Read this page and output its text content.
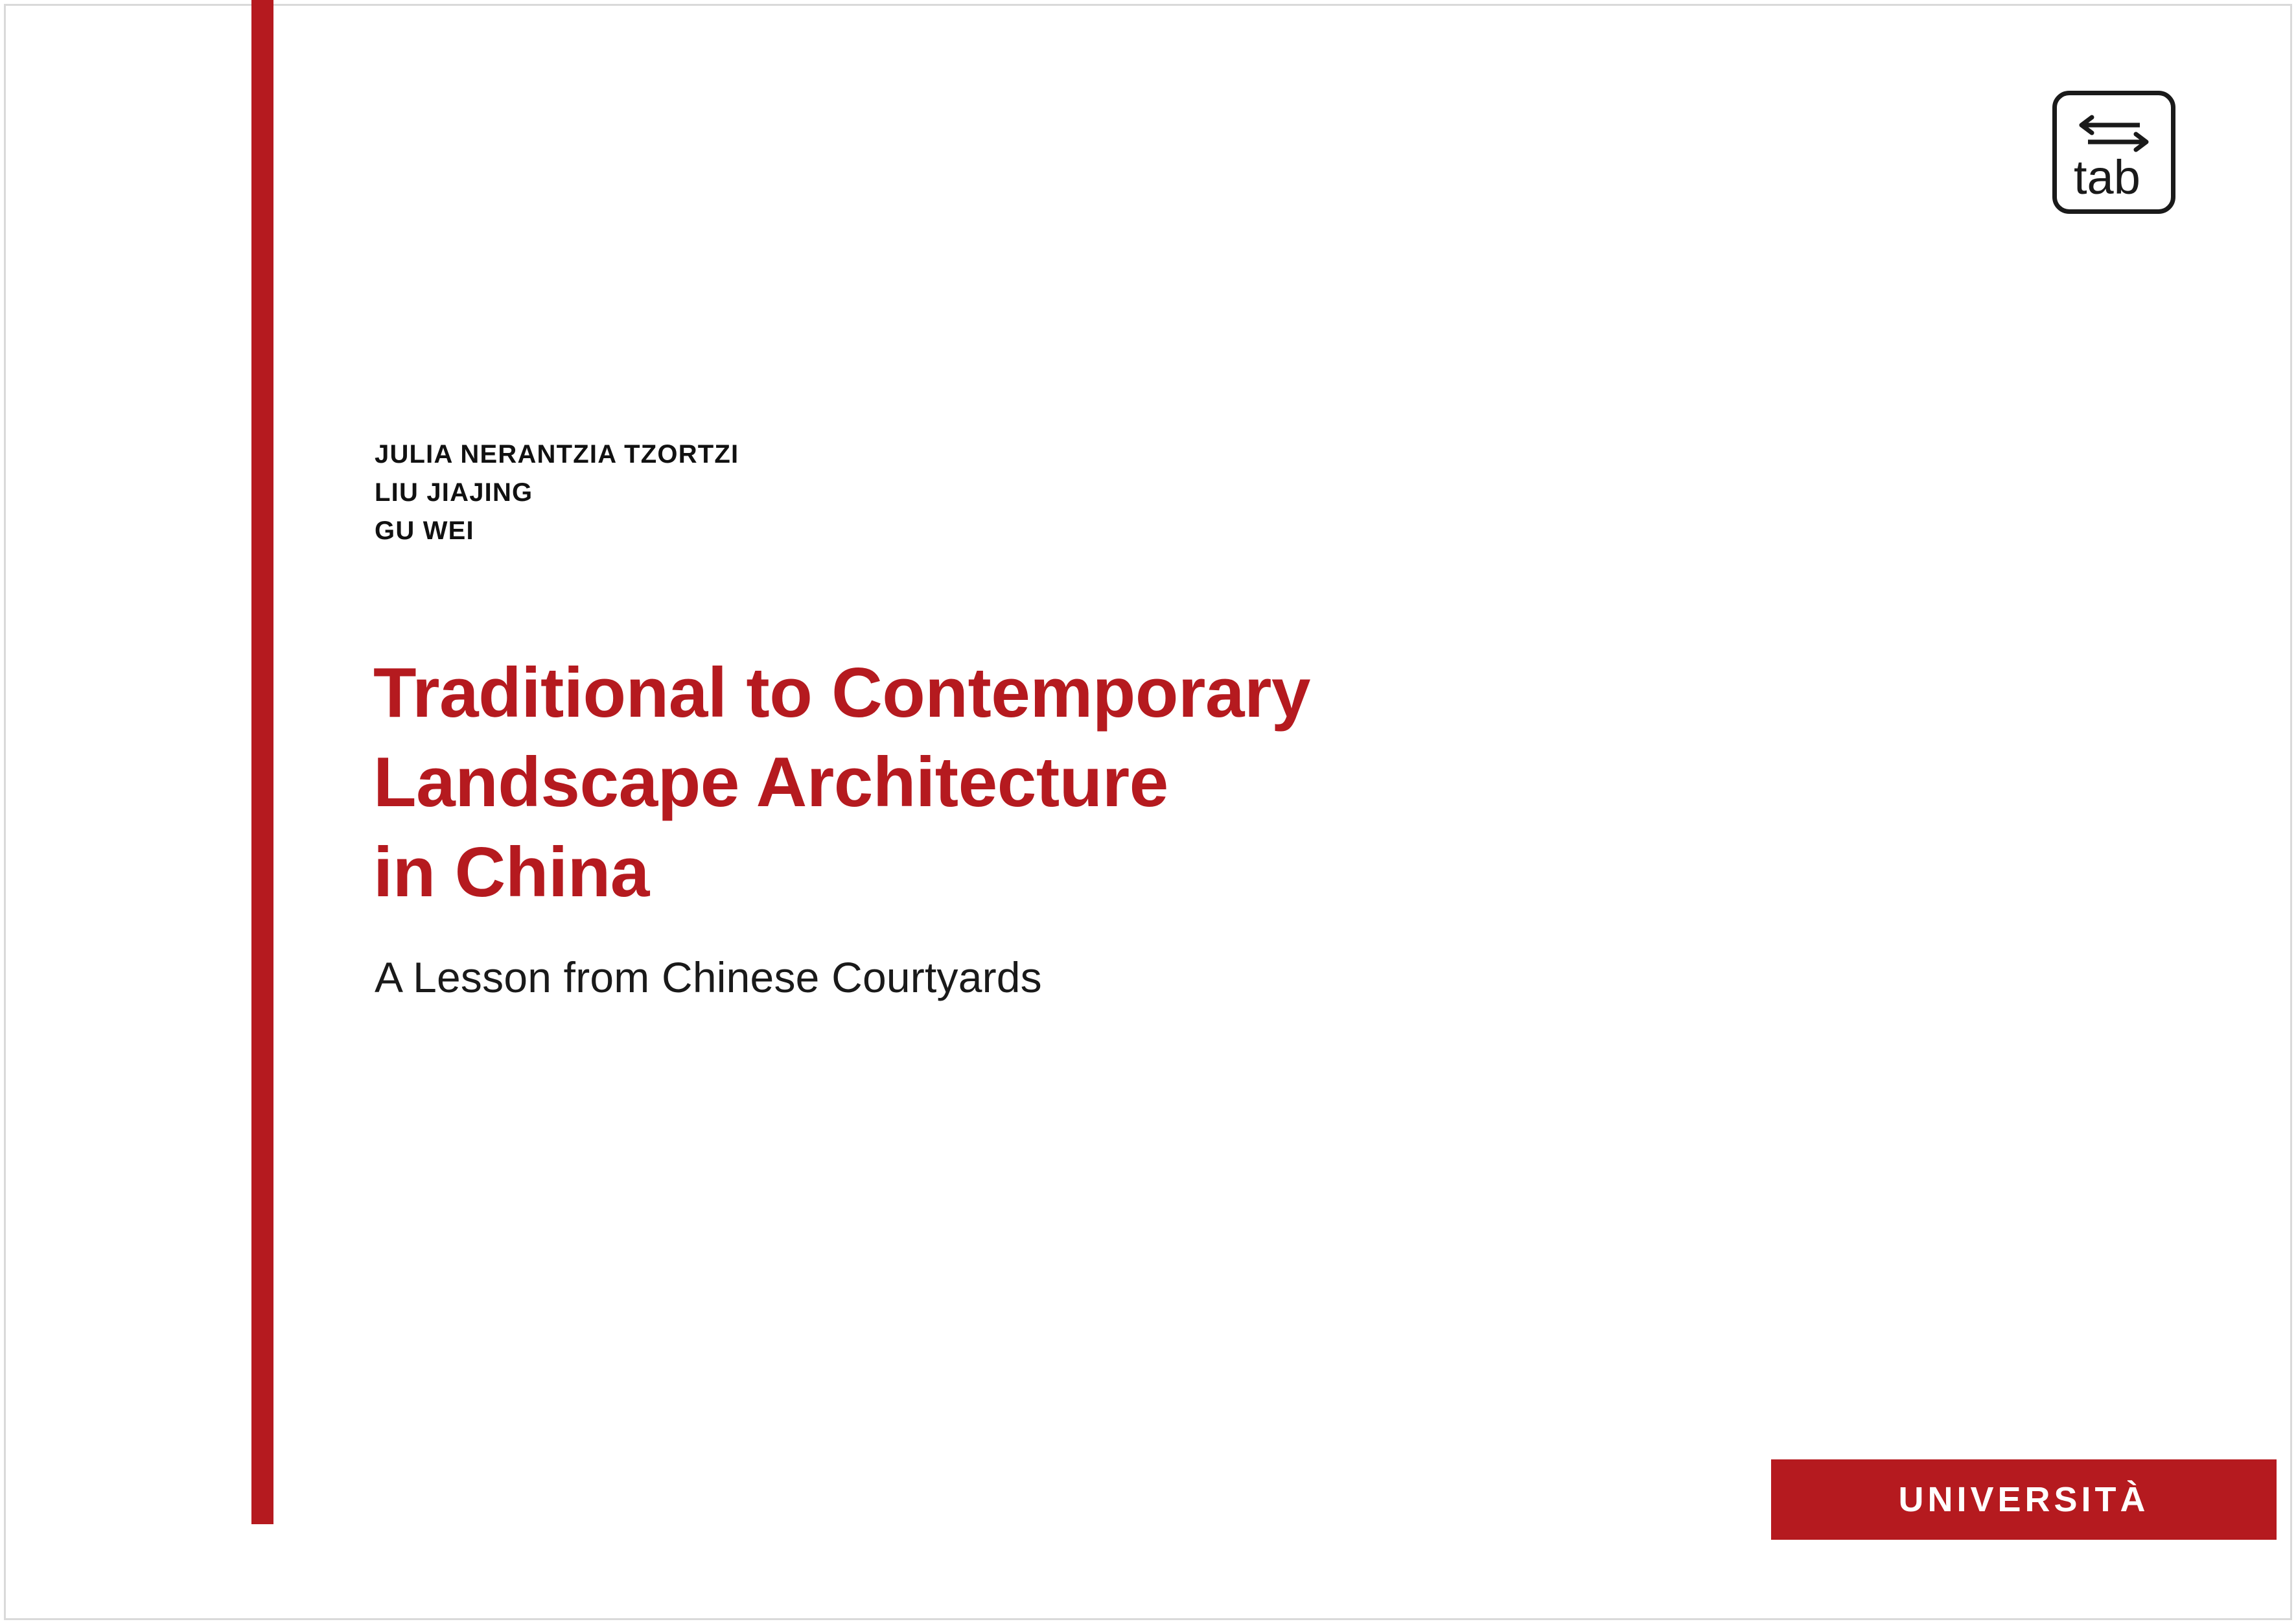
tab
JULIA NERANTZIA TZORTZI
LIU JIAJING
GU WEI
Traditional to Contemporary
Landscape Architecture
in China
A Lesson from Chinese Courtyards
UNIVERSITÀ
